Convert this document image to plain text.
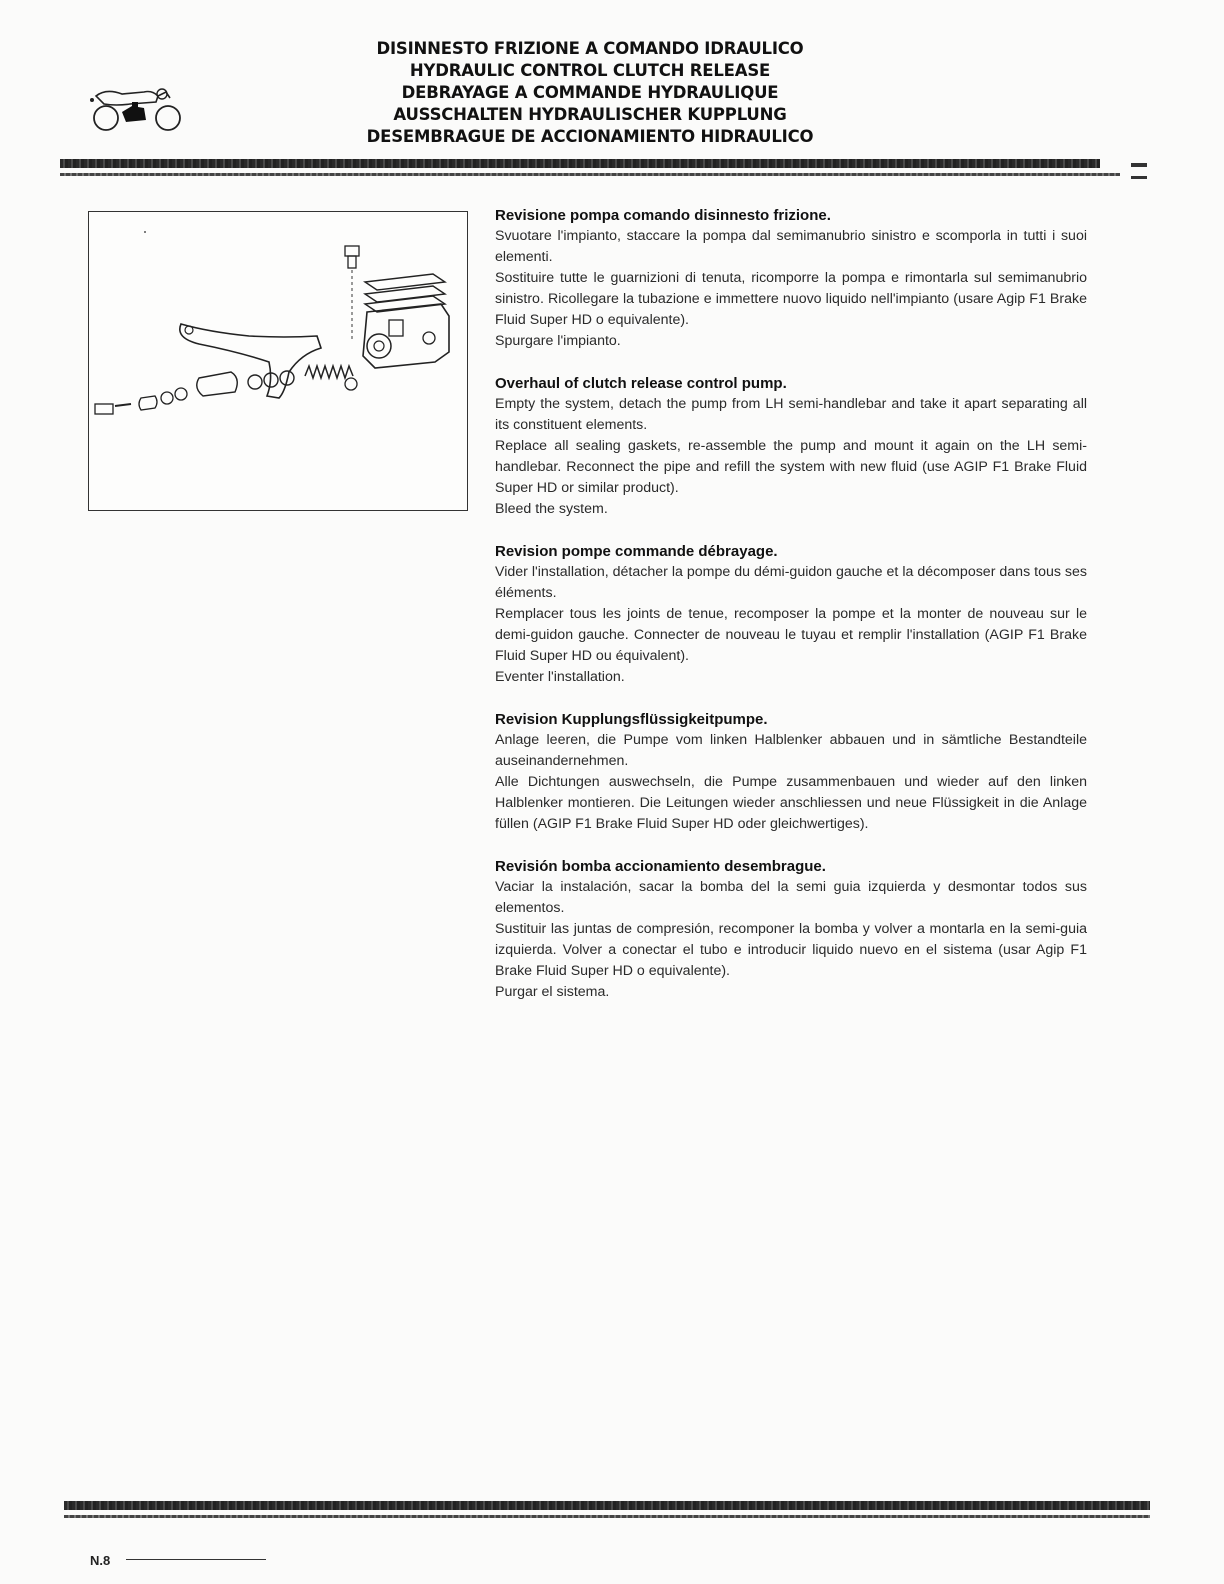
DISINNESTO FRIZIONE A COMANDO IDRAULICO
HYDRAULIC CONTROL CLUTCH RELEASE
DEBRAYAGE A COMMANDE HYDRAULIQUE
AUSSCHALTEN HYDRAULISCHER KUPPLUNG
DESEMBRAGUE DE ACCIONAMIENTO HIDRAULICO
Revisione pompa comando disinnesto frizione.

Svuotare l'impianto, staccare la pompa dal semimanubrio sinistro e scomporla in tutti i suoi elementi.

Sostituire tutte le guarnizioni di tenuta, ricomporre la pompa e rimontarla sul semimanubrio sinistro. Ricollegare la tubazione e immettere nuovo liquido nell'impianto (usare Agip F1 Brake Fluid Super HD o equivalente).

Spurgare l'impianto.

Overhaul of clutch release control pump.

Empty the system, detach the pump from LH semi-handlebar and take it apart separating all its constituent elements.

Replace all sealing gaskets, re-assemble the pump and mount it again on the LH semi-handlebar. Reconnect the pipe and refill the system with new fluid (use AGIP F1 Brake Fluid Super HD or similar product).

Bleed the system.

Revision pompe commande débrayage.

Vider l'installation, détacher la pompe du démi-guidon gauche et la décomposer dans tous ses éléments.

Remplacer tous les joints de tenue, recomposer la pompe et la monter de nouveau sur le demi-guidon gauche. Connecter de nouveau le tuyau et remplir l'installation (AGIP F1 Brake Fluid Super HD ou équivalent).

Eventer l'installation.

Revision Kupplungsflüssigkeitpumpe.

Anlage leeren, die Pumpe vom linken Halblenker abbauen und in sämtliche Bestandteile auseinandernehmen.

Alle Dichtungen auswechseln, die Pumpe zusammenbauen und wieder auf den linken Halblenker montieren. Die Leitungen wieder anschliessen und neue Flüssigkeit in die Anlage füllen (AGIP F1 Brake Fluid Super HD oder gleichwertiges).

Revisión bomba accionamiento desembrague.

Vaciar la instalación, sacar la bomba del la semi guia izquierda y desmontar todos sus elementos.

Sustituir las juntas de compresión, recomponer la bomba y volver a montarla en la semi-guia izquierda. Volver a conectar el tubo e introducir liquido nuevo en el sistema (usar Agip F1 Brake Fluid Super HD o equivalente).

Purgar el sistema.

N.8
